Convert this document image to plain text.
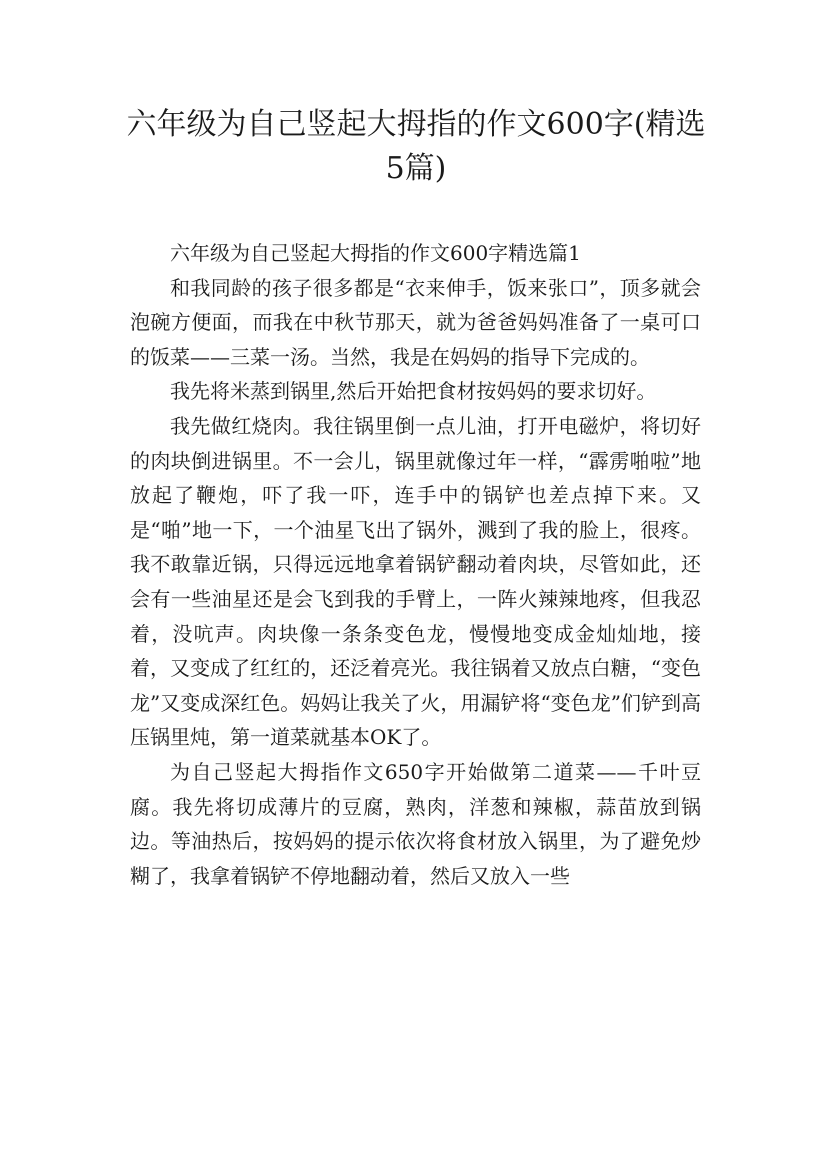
六年级为自己竖起大拇指的作文600字(精选5篇)

六年级为自己竖起大拇指的作文600字精选篇1

和我同龄的孩子很多都是“衣来伸手，饭来张口”，顶多就会泡碗方便面，而我在中秋节那天，就为爸爸妈妈准备了一桌可口的饭菜——三菜一汤。当然，我是在妈妈的指导下完成的。

我先将米蒸到锅里,然后开始把食材按妈妈的要求切好。

我先做红烧肉。我往锅里倒一点儿油，打开电磁炉，将切好的肉块倒进锅里。不一会儿，锅里就像过年一样，“霹雳啪啦”地放起了鞭炮，吓了我一吓，连手中的锅铲也差点掉下来。又是“啪”地一下，一个油星飞出了锅外，溅到了我的脸上，很疼。我不敢靠近锅，只得远远地拿着锅铲翻动着肉块，尽管如此，还会有一些油星还是会飞到我的手臂上，一阵火辣辣地疼，但我忍着，没吭声。肉块像一条条变色龙，慢慢地变成金灿灿地，接着，又变成了红红的，还泛着亮光。我往锅着又放点白糖，“变色龙”又变成深红色。妈妈让我关了火，用漏铲将“变色龙”们铲到高压锅里炖，第一道菜就基本OK了。

为自己竖起大拇指作文650字开始做第二道菜——千叶豆腐。我先将切成薄片的豆腐，熟肉，洋葱和辣椒，蒜苗放到锅边。等油热后，按妈妈的提示依次将食材放入锅里，为了避免炒糊了，我拿着锅铲不停地翻动着，然后又放入一些
